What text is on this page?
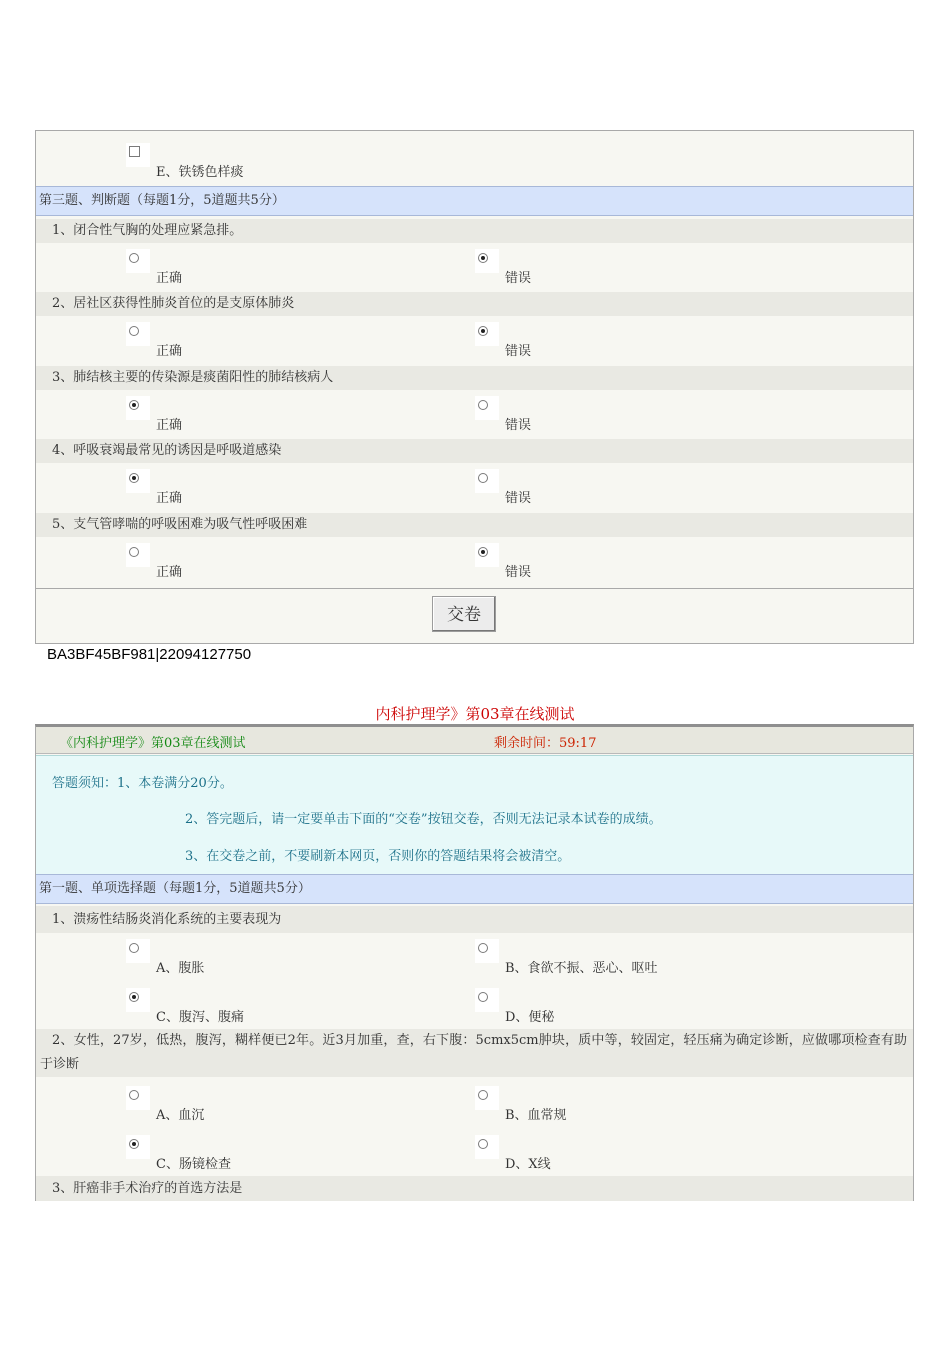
E、铁锈色样痰
第三题、判断题（每题1分，5道题共5分）
1、闭合性气胸的处理应紧急排。
正确	错误
2、居社区获得性肺炎首位的是支原体肺炎
正确	错误
3、肺结核主要的传染源是痰菌阳性的肺结核病人
正确	错误
4、呼吸衰竭最常见的诱因是呼吸道感染
正确	错误
5、支气管哮喘的呼吸困难为吸气性呼吸困难
正确	错误
交卷
BA3BF45BF981|22094127750
内科护理学》第03章在线测试
《内科护理学》第03章在线测试	剩余时间：59:17
答题须知：1、本卷满分20分。
2、答完题后，请一定要单击下面的“交卷”按钮交卷，否则无法记录本试卷的成绩。
3、在交卷之前，不要刷新本网页，否则你的答题结果将会被清空。
第一题、单项选择题（每题1分，5道题共5分）
1、溃疡性结肠炎消化系统的主要表现为
A、腹胀	B、食欲不振、恶心、呕吐
C、腹泻、腹痛	D、便秘
2、女性，27岁，低热，腹泻，糊样便已2年。近3月加重，查，右下腹：5cmx5cm肿块，质中等，较固定，轻压痛为确定诊断，应做哪项检查有助于诊断
A、血沉	B、血常规
C、肠镜检查	D、X线
3、肝癌非手术治疗的首选方法是
